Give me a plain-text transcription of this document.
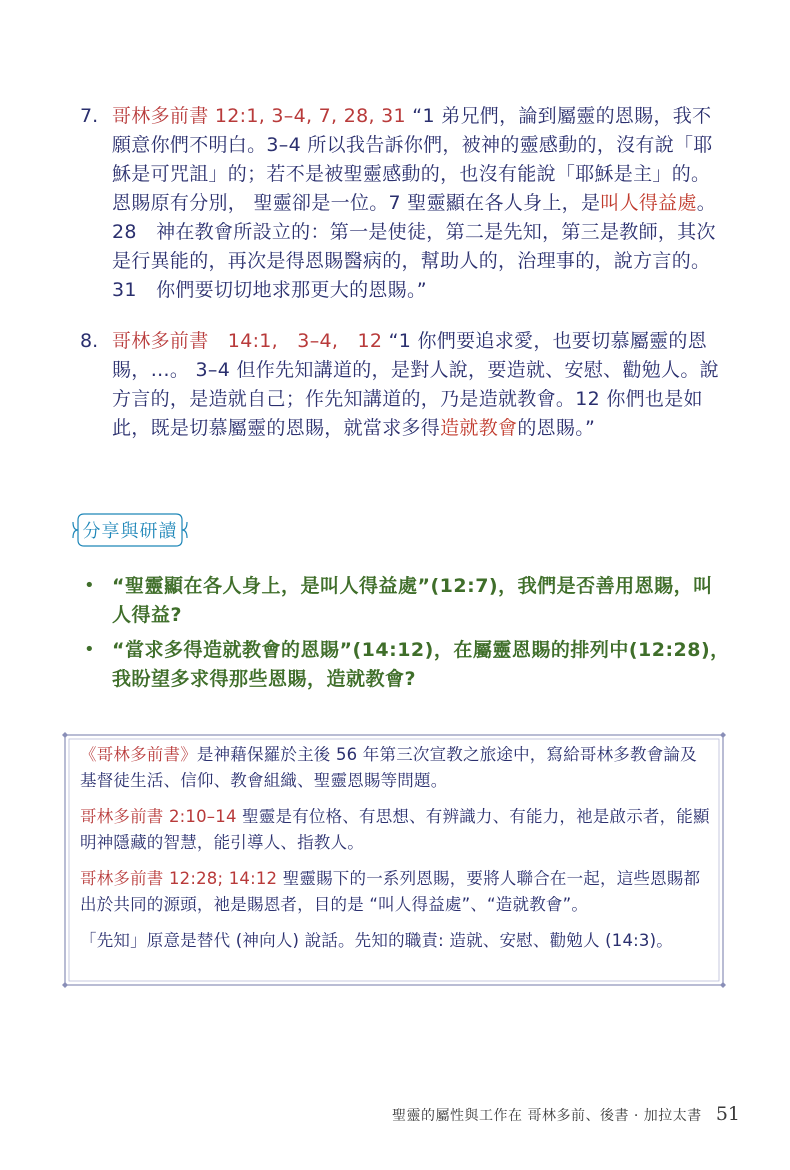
7. 哥林多前書 12:1, 3–4, 7, 28, 31 “1 弟兄們，論到屬靈的恩賜，我不願意你們不明白。3–4 所以我告訴你們，被神的靈感動的，沒有說「耶穌是可咒詛」的；若不是被聖靈感動的，也沒有能說「耶穌是主」的。恩賜原有分別， 聖靈卻是一位。7 聖靈顯在各人身上，是叫人得益處。28　神在教會所設立的：第一是使徒，第二是先知，第三是教師，其次是行異能的，再次是得恩賜醫病的，幫助人的，治理事的，說方言的。 31　你們要切切地求那更大的恩賜。”
8. 哥林多前書　14:1,　3–4,　12 “1 你們要追求愛，也要切慕屬靈的恩賜，…。 3–4 但作先知講道的，是對人說，要造就、安慰、勸勉人。說方言的，是造就自己；作先知講道的，乃是造就教會。12 你們也是如此，既是切慕屬靈的恩賜，就當求多得造就教會的恩賜。”
分享與研讀
• “聖靈顯在各人身上，是叫人得益處”(12:7)，我們是否善用恩賜，叫人得益?
• “當求多得造就教會的恩賜”(14:12)，在屬靈恩賜的排列中(12:28)，我盼望多求得那些恩賜，造就教會?

《哥林多前書》是神藉保羅於主後 56 年第三次宣教之旅途中，寫給哥林多教會論及基督徒生活、信仰、教會組織、聖靈恩賜等問題。

哥林多前書 2:10–14 聖靈是有位格、有思想、有辨識力、有能力，祂是啟示者，能顯明神隱藏的智慧，能引導人、指教人。

哥林多前書 12:28; 14:12 聖靈賜下的一系列恩賜，要將人聯合在一起，這些恩賜都出於共同的源頭，祂是賜恩者，目的是 “叫人得益處”、“造就教會”。

「先知」原意是替代 (神向人) 說話。先知的職責: 造就、安慰、勸勉人 (14:3)。

聖靈的屬性與工作在 哥林多前、後書 · 加拉太書 51
